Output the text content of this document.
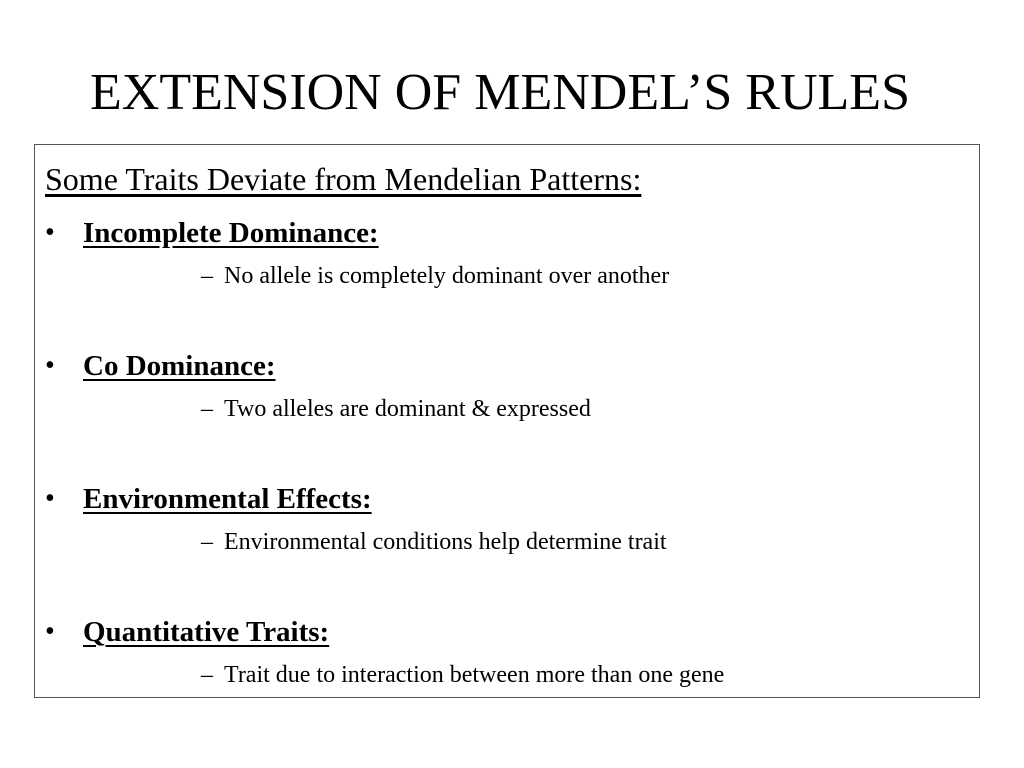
EXTENSION OF MENDEL’S RULES
Some Traits Deviate from Mendelian Patterns:
• Incomplete Dominance:
– No allele is completely dominant over another
• Co Dominance:
– Two alleles are dominant & expressed
• Environmental Effects:
– Environmental conditions help determine trait
• Quantitative Traits:
– Trait due to interaction between more than one gene
